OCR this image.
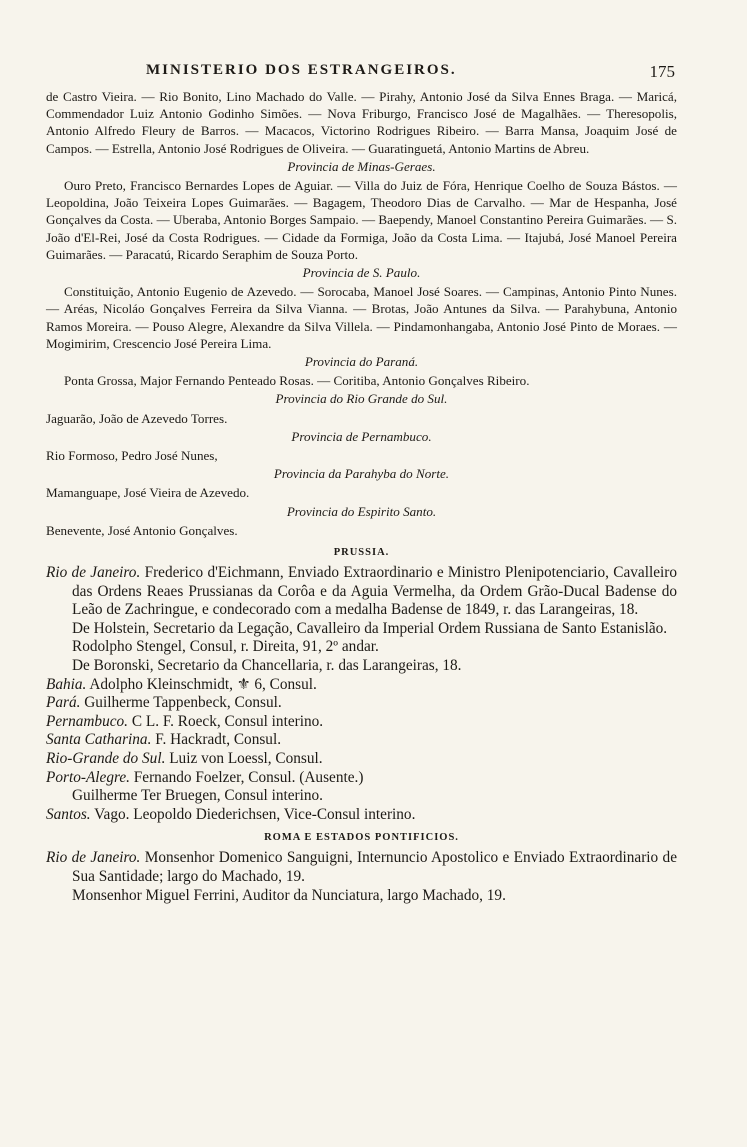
MINISTERIO DOS ESTRANGEIROS.	175

de Castro Vieira. — Rio Bonito, Lino Machado do Valle. — Pirahy, Antonio José da Silva Ennes Braga. — Maricá, Commendador Luiz Antonio Godinho Simões. — Nova Friburgo, Francisco José de Magalhães. — Theresopolis, Antonio Alfredo Fleury de Barros. — Macacos, Victorino Rodrigues Ribeiro. — Barra Mansa, Joaquim José de Campos. — Estrella, Antonio José Rodrigues de Oliveira. — Guaratinguetá, Antonio Martins de Abreu.

Provincia de Minas-Geraes.

Ouro Preto, Francisco Bernardes Lopes de Aguiar. — Villa do Juiz de Fóra, Henrique Coelho de Souza Bástos. — Leopoldina, João Teixeira Lopes Guimarães. — Bagagem, Theodoro Dias de Carvalho. — Mar de Hespanha, José Gonçalves da Costa. — Uberaba, Antonio Borges Sampaio. — Baependy, Manoel Constantino Pereira Guimarães. — S. João d'El-Rei, José da Costa Rodrigues. — Cidade da Formiga, João da Costa Lima. — Itajubá, José Manoel Pereira Guimarães. — Paracatú, Ricardo Seraphim de Souza Porto.

Provincia de S. Paulo.

Constituição, Antonio Eugenio de Azevedo. — Sorocaba, Manoel José Soares. — Campinas, Antonio Pinto Nunes. — Aréas, Nicoláo Gonçalves Ferreira da Silva Vianna. — Brotas, João Antunes da Silva. — Parahybuna, Antonio Ramos Moreira. — Pouso Alegre, Alexandre da Silva Villela. — Pindamonhangaba, Antonio José Pinto de Moraes. — Mogimirim, Crescencio José Pereira Lima.

Provincia do Paraná.

Ponta Grossa, Major Fernando Penteado Rosas. — Coritiba, Antonio Gonçalves Ribeiro.

Provincia do Rio Grande do Sul.

Jaguarão, João de Azevedo Torres.

Provincia de Pernambuco.

Rio Formoso, Pedro José Nunes,

Provincia da Parahyba do Norte.

Mamanguape, José Vieira de Azevedo.

Provincia do Espirito Santo.

Benevente, José Antonio Gonçalves.

PRUSSIA.

Rio de Janeiro. Frederico d'Eichmann, Enviado Extraordinario e Ministro Plenipotenciario, Cavalleiro das Ordens Reaes Prussianas da Corôa e da Aguia Vermelha, da Ordem Grão-Ducal Badense do Leão de Zachringue, e condecorado com a medalha Badense de 1849, r. das Larangeiras, 18.

De Holstein, Secretario da Legação, Cavalleiro da Imperial Ordem Russiana de Santo Estanislão.

Rodolpho Stengel, Consul, r. Direita, 91, 2º andar.

De Boronski, Secretario da Chancellaria, r. das Larangeiras, 18.

Bahia. Adolpho Kleinschmidt, ⚜ 6, Consul.

Pará. Guilherme Tappenbeck, Consul.

Pernambuco. C L. F. Roeck, Consul interino.

Santa Catharina. F. Hackradt, Consul.

Rio-Grande do Sul. Luiz von Loessl, Consul.

Porto-Alegre. Fernando Foelzer, Consul. (Ausente.)

Guilherme Ter Bruegen, Consul interino.

Santos. Vago. Leopoldo Diederichsen, Vice-Consul interino.

ROMA E ESTADOS PONTIFICIOS.

Rio de Janeiro. Monsenhor Domenico Sanguigni, Internuncio Apostolico e Enviado Extraordinario de Sua Santidade; largo do Machado, 19.

Monsenhor Miguel Ferrini, Auditor da Nunciatura, largo Machado, 19.
